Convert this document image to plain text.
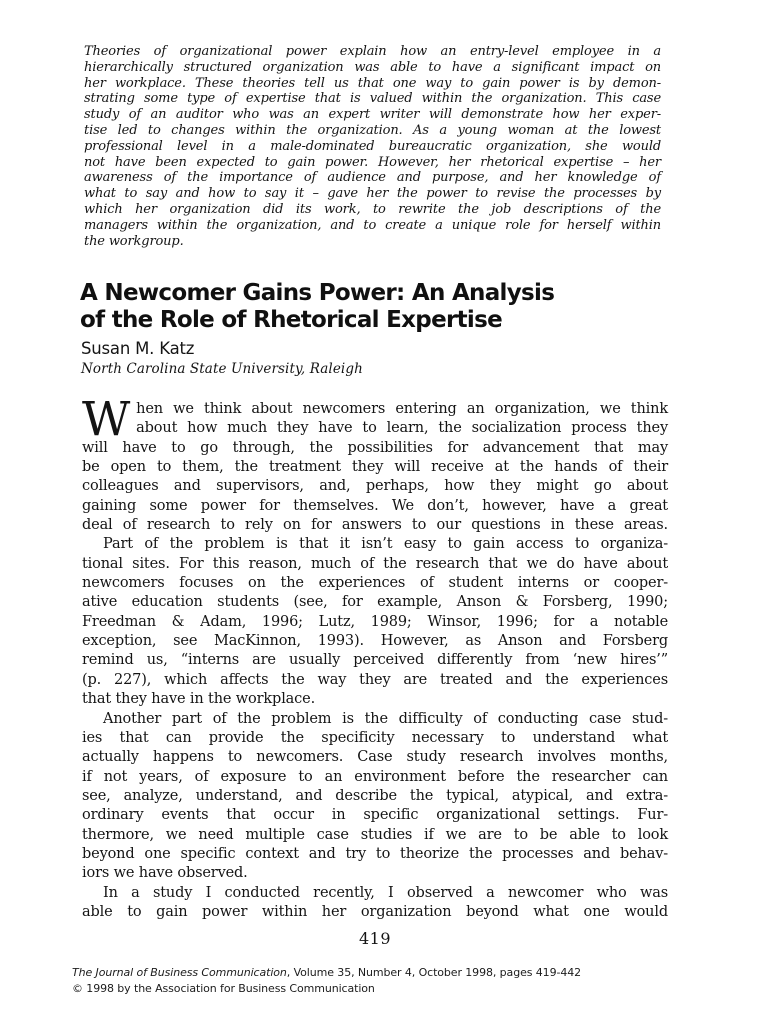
Theories of organizational power explain how an entry-level employee in a
hierarchically structured organization was able to have a significant impact on
her workplace. These theories tell us that one way to gain power is by demon-
strating some type of expertise that is valued within the organization. This case
study of an auditor who was an expert writer will demonstrate how her exper-
tise led to changes within the organization. As a young woman at the lowest
professional level in a male-dominated bureaucratic organization, she would
not have been expected to gain power. However, her rhetorical expertise – her
awareness of the importance of audience and purpose, and her knowledge of
what to say and how to say it – gave her the power to revise the processes by
which her organization did its work, to rewrite the job descriptions of the
managers within the organization, and to create a unique role for herself within
the workgroup.
A Newcomer Gains Power: An Analysis
of the Role of Rhetorical Expertise
Susan M. Katz
North Carolina State University, Raleigh
W hen we think about newcomers entering an organization, we think
about how much they have to learn, the socialization process they
will have to go through, the possibilities for advancement that may
be open to them, the treatment they will receive at the hands of their
colleagues and supervisors, and, perhaps, how they might go about
gaining some power for themselves. We don’t, however, have a great
deal of research to rely on for answers to our questions in these areas.
Part of the problem is that it isn’t easy to gain access to organiza-
tional sites. For this reason, much of the research that we do have about
newcomers focuses on the experiences of student interns or cooper-
ative education students (see, for example, Anson & Forsberg, 1990;
Freedman & Adam, 1996; Lutz, 1989; Winsor, 1996; for a notable
exception, see MacKinnon, 1993). However, as Anson and Forsberg
remind us, “interns are usually perceived differently from ‘new hires’”
(p. 227), which affects the way they are treated and the experiences
that they have in the workplace.
Another part of the problem is the difficulty of conducting case stud-
ies that can provide the specificity necessary to understand what
actually happens to newcomers. Case study research involves months,
if not years, of exposure to an environment before the researcher can
see, analyze, understand, and describe the typical, atypical, and extra-
ordinary events that occur in specific organizational settings. Fur-
thermore, we need multiple case studies if we are to be able to look
beyond one specific context and try to theorize the processes and behav-
iors we have observed.
In a study I conducted recently, I observed a newcomer who was
able to gain power within her organization beyond what one would
419
The Journal of Business Communication, Volume 35, Number 4, October 1998, pages 419-442
© 1998 by the Association for Business Communication
